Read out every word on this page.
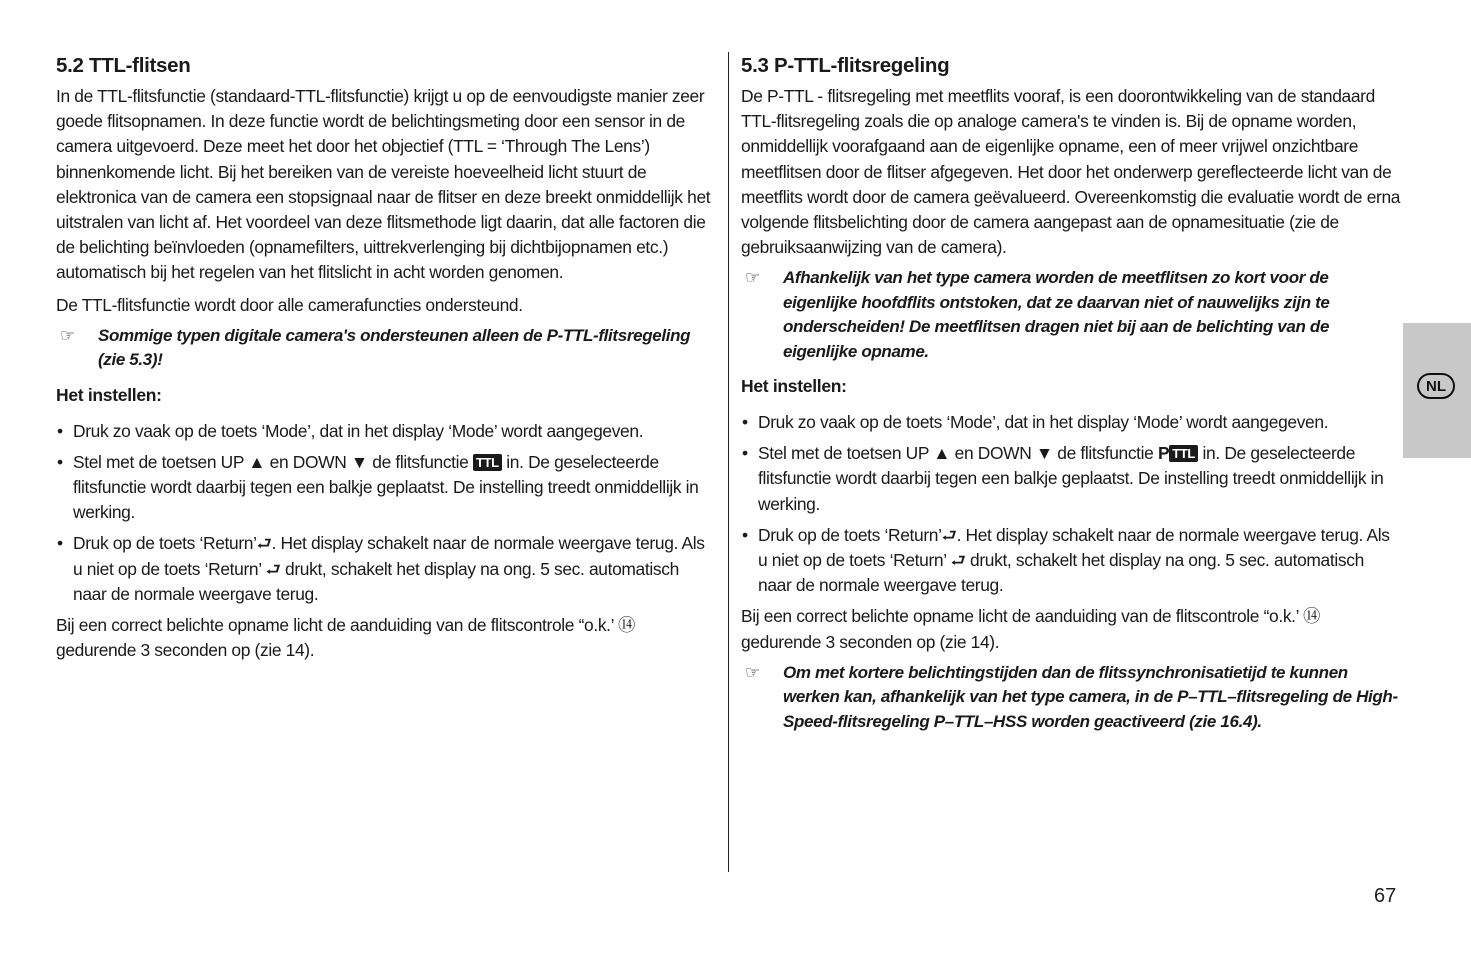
5.2 TTL-flitsen

In de TTL-flitsfunctie (standaard-TTL-flitsfunctie) krijgt u op de eenvoudigste manier zeer goede flitsopnamen. In deze functie wordt de belichtingsmeting door een sensor in de camera uitgevoerd. Deze meet het door het objectief (TTL = ‘Through The Lens’) binnenkomende licht. Bij het bereiken van de vereiste hoeveelheid licht stuurt de elektronica van de camera een stopsignaal naar de flitser en deze breekt onmiddellijk het uitstralen van licht af. Het voordeel van deze flitsmethode ligt daarin, dat alle factoren die de belichting beïnvloeden (opnamefilters, uittrekverlenging bij dichtbijopnamen etc.) automatisch bij het regelen van het flitslicht in acht worden genomen.

De TTL-flitsfunctie wordt door alle camerafuncties ondersteund.

☞	Sommige typen digitale camera's ondersteunen alleen de P-TTL-flitsregeling (zie 5.3)!
Het instellen:
• Druk zo vaak op de toets ‘Mode’, dat in het display ‘Mode’ wordt aangegeven.
• Stel met de toetsen UP ▲ en DOWN ▼ de flitsfunctie TTL in. De geselecteerde flitsfunctie wordt daarbij tegen een balkje geplaatst. De instelling treedt onmiddellijk in werking.
• Druk op de toets ‘Return’⮐. Het display schakelt naar de normale weergave terug. Als u niet op de toets ‘Return’ ⮐ drukt, schakelt het display na ong. 5 sec. automatisch naar de normale weergave terug.

Bij een correct belichte opname licht de aanduiding van de flitscontrole “o.k.’ ⑭ gedurende 3 seconden op (zie 14).

5.3 P-TTL-flitsregeling

De P-TTL - flitsregeling met meetflits vooraf, is een doorontwikkeling van de standaard TTL-flitsregeling zoals die op analoge camera's te vinden is. Bij de opname worden, onmiddellijk voorafgaand aan de eigenlijke opname, een of meer vrijwel onzichtbare meetflitsen door de flitser afgegeven. Het door het onderwerp gereflecteerde licht van de meetflits wordt door de camera geëvalueerd. Overeenkomstig die evaluatie wordt de erna volgende flitsbelichting door de camera aangepast aan de opnamesituatie (zie de gebruiksaanwijzing van de camera).

☞	Afhankelijk van het type camera worden de meetflitsen zo kort voor de eigenlijke hoofdflits ontstoken, dat ze daarvan niet of nauwelijks zijn te onderscheiden! De meetflitsen dragen niet bij aan de belichting van de eigenlijke opname.
Het instellen:
• Druk zo vaak op de toets ‘Mode’, dat in het display ‘Mode’ wordt aangegeven.
• Stel met de toetsen UP ▲ en DOWN ▼ de flitsfunctie P TTL in. De geselecteerde flitsfunctie wordt daarbij tegen een balkje geplaatst. De instelling treedt onmiddellijk in werking.
• Druk op de toets ‘Return’⮐. Het display schakelt naar de normale weergave terug. Als u niet op de toets ‘Return’ ⮐ drukt, schakelt het display na ong. 5 sec. automatisch naar de normale weergave terug.

Bij een correct belichte opname licht de aanduiding van de flitscontrole “o.k.’ ⑭ gedurende 3 seconden op (zie 14).

☞	Om met kortere belichtingstijden dan de flitssynchronisatietijd te kunnen werken kan, afhankelijk van het type camera, in de P–TTL–flitsregeling de High-Speed-flitsregeling P–TTL–HSS worden geactiveerd (zie 16.4).
NL
67
